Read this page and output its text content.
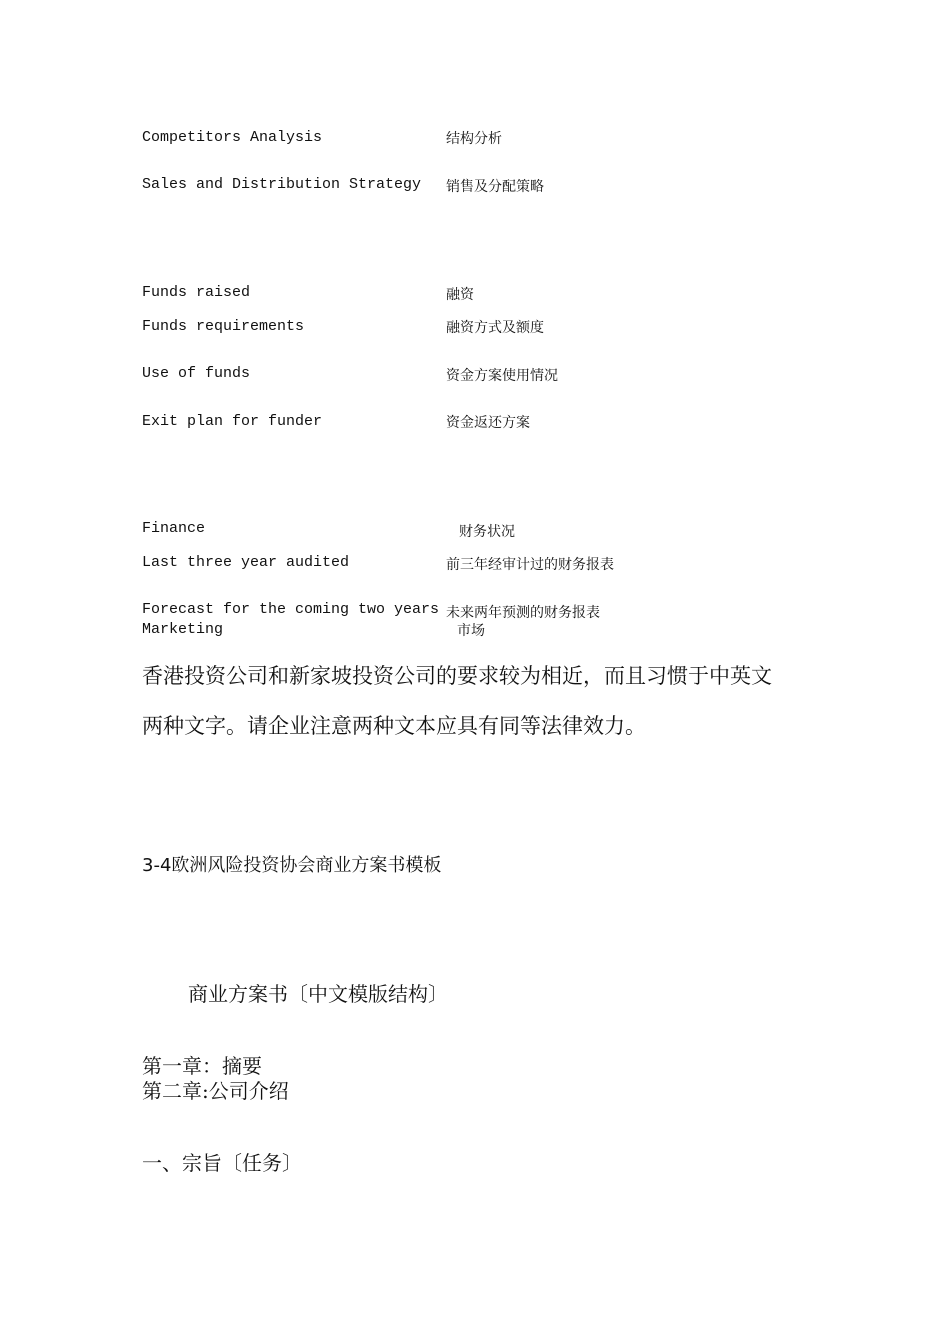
Competitors Analysis	结构分析
Sales and Distribution Strategy 销售及分配策略
Funds raised	融资
Funds requirements	融资方式及额度
Use of funds	资金方案使用情况
Exit plan for funder	资金返还方案
Finance	财务状况
Last three year audited	前三年经审计过的财务报表
Forecast for the coming two years 未来两年预测的财务报表
Marketing	市场
香港投资公司和新家坡投资公司的要求较为相近，而且习惯于中英文
两种文字。请企业注意两种文本应具有同等法律效力。
3-4欧洲风险投资协会商业方案书模板
商业方案书〔中文模版结构〕
第一章：摘要
第二章:公司介绍
一、宗旨〔任务〕
